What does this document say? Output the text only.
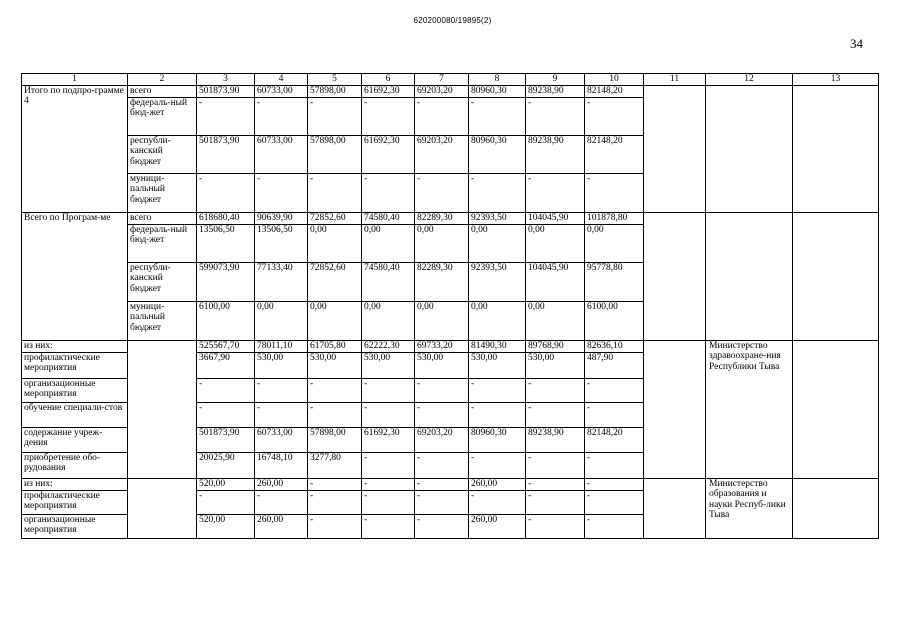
620200080/19895(2)
34
1	2	3	4	5	6	7	8	9	10	11	12	13
Итого по подпро-грамме 4	всего	501873,90	60733,00	57898,00	61692,30	69203,20	80960,30	89238,90	82148,20			
	федераль-ный бюд-жет	-	-	-	-	-	-	-	-			
	республи-канский бюджет	501873,90	60733,00	57898,00	61692,30	69203,20	80960,30	89238,90	82148,20			
	муници-пальный бюджет	-	-	-	-	-	-	-	-			
Всего по Програм-ме	всего	618680,40	90639,90	72852,60	74580,40	82289,30	92393,50	104045,90	101878,80			
	федераль-ный бюд-жет	13506,50	13506,50	0,00	0,00	0,00	0,00	0,00	0,00			
	республи-канский бюджет	599073,90	77133,40	72852,60	74580,40	82289,30	92393,50	104045,90	95778,80			
	муници-пальный бюджет	6100,00	0,00	0,00	0,00	0,00	0,00	0,00	6100,00			
из них:		525567,70	78011,10	61705,80	62222,30	69733,20	81490,30	89768,90	82636,10		Министерство здравоохране-ния Республики Тыва	
профилактические мероприятия		3667,90	530,00	530,00	530,00	530,00	530,00	530,00	487,90			
организационные мероприятия		-	-	-	-	-	-	-	-			
обучение специали-стов		-	-	-	-	-	-	-	-			
содержание учреж-дения		501873,90	60733,00	57898,00	61692,30	69203,20	80960,30	89238,90	82148,20			
приобретение обо-рудования		20025,90	16748,10	3277,80	-	-	-	-	-			
из них:		520,00	260,00	-	-	-	260,00	-	-		Министерство образования и науки Респуб-лики Тыва	
профилактические мероприятия		-	-	-	-	-	-	-	-			
организационные мероприятия		520,00	260,00	-	-	-	260,00	-	-			
